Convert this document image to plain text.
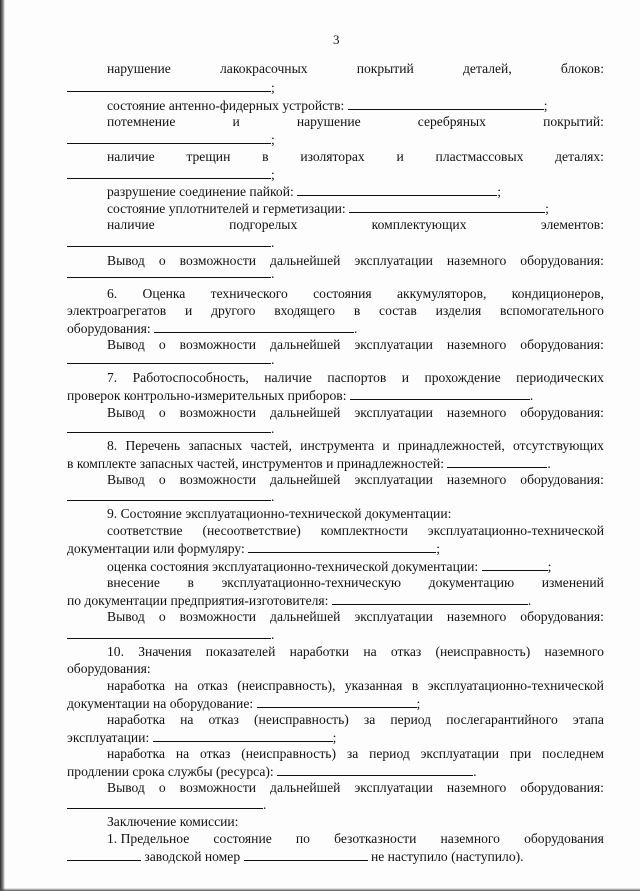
3
нарушение	лакокрасочных	покрытий	деталей,	блоков:
;
состояние антенно-фидерных устройств:
	;
потемнение	и	нарушение	серебряных	покрытий:
;
наличие трещин в изоляторах и пластмассовых деталях:
;
разрушение соединение пайкой:
	;
состояние уплотнителей и герметизации:
	;
наличие	подгорелых	комплектующих	элементов:
.
Вывод о возможности дальнейшей эксплуатации наземного оборудования:
.
6. Оценка технического состояния аккумуляторов, кондиционеров,
электроагрегатов и другого входящего в состав изделия вспомогательного
оборудования:
	.
Вывод о возможности дальнейшей эксплуатации наземного оборудования:
.
7. Работоспособность, наличие паспортов и прохождение периодических
проверок контрольно-измерительных приборов:
	.
Вывод о возможности дальнейшей эксплуатации наземного оборудования:
.
8. Перечень запасных частей, инструмента и принадлежностей, отсутствующих
в комплекте запасных частей, инструментов и принадлежностей:
	.
Вывод о возможности дальнейшей эксплуатации наземного оборудования:
.
9. Состояние эксплуатационно-технической документации:
соответствие (несоответствие) комплектности эксплуатационно-технической
документации или формуляру:
	;
оценка состояния эксплуатационно-технической документации:
	;
внесение в эксплуатационно-техническую документацию изменений
по документации предприятия-изготовителя:
	.
Вывод о возможности дальнейшей эксплуатации наземного оборудования:
.
10. Значения показателей наработки на отказ (неисправность) наземного
оборудования:
наработка на отказ (неисправность), указанная в эксплуатационно-технической
документации на оборудование:
	;
наработка на отказ (неисправность) за период послегарантийного этапа
эксплуатации:
	;
наработка на отказ (неисправность) за период эксплуатации при последнем
продлении срока службы (ресурса):
	.
Вывод о возможности дальнейшей эксплуатации наземного оборудования:
.
Заключение комиссии:
1. Предельное состояние по безотказности наземного оборудования

заводской номер

	не наступило (наступило).
